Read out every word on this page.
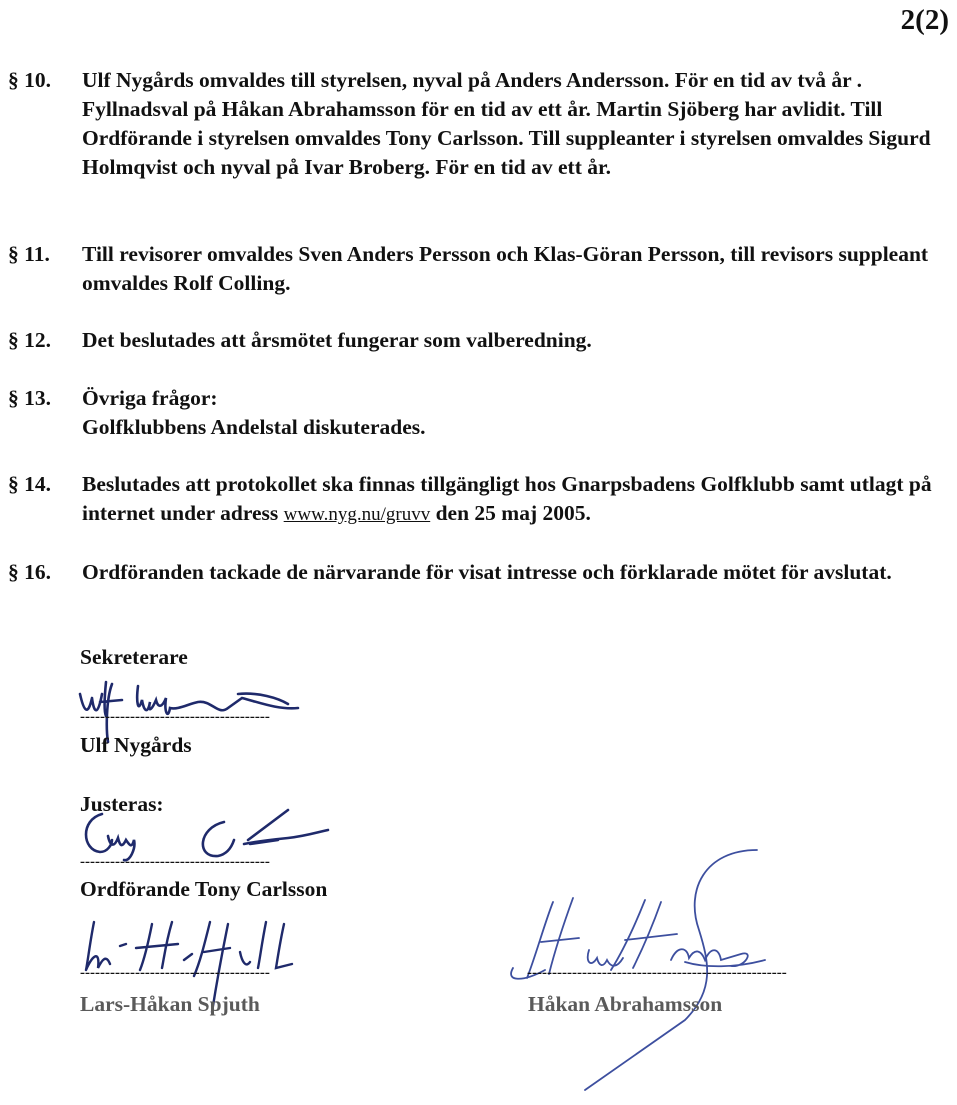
2(2)
§ 10. Ulf Nygårds omvaldes till styrelsen, nyval på Anders Andersson. För en tid av två år . Fyllnadsval på Håkan Abrahamsson för en tid av ett år. Martin Sjöberg har avlidit. Till Ordförande i styrelsen omvaldes Tony Carlsson. Till suppleanter i styrelsen omvaldes Sigurd Holmqvist och nyval på Ivar Broberg. För en tid av ett år.
§ 11. Till revisorer omvaldes Sven Anders Persson och Klas-Göran Persson, till revisors suppleant omvaldes Rolf Colling.
§ 12. Det beslutades att årsmötet fungerar som valberedning.
§ 13. Övriga frågor:
Golfklubbens Andelstal diskuterades.
§ 14. Beslutades att protokollet ska finnas tillgängligt hos Gnarpsbadens Golfklubb samt utlagt på internet under adress www.nyg.nu/gruvv den 25 maj 2005.
§ 16. Ordföranden tackade de närvarande för visat intresse och förklarade mötet för avslutat.
Sekreterare
--------------------------------------
Ulf Nygårds
Justeras:
--------------------------------------
Ordförande Tony Carlsson
--------------------------------------
Lars-Håkan Spjuth
----------------------------------------------------
Håkan Abrahamsson
